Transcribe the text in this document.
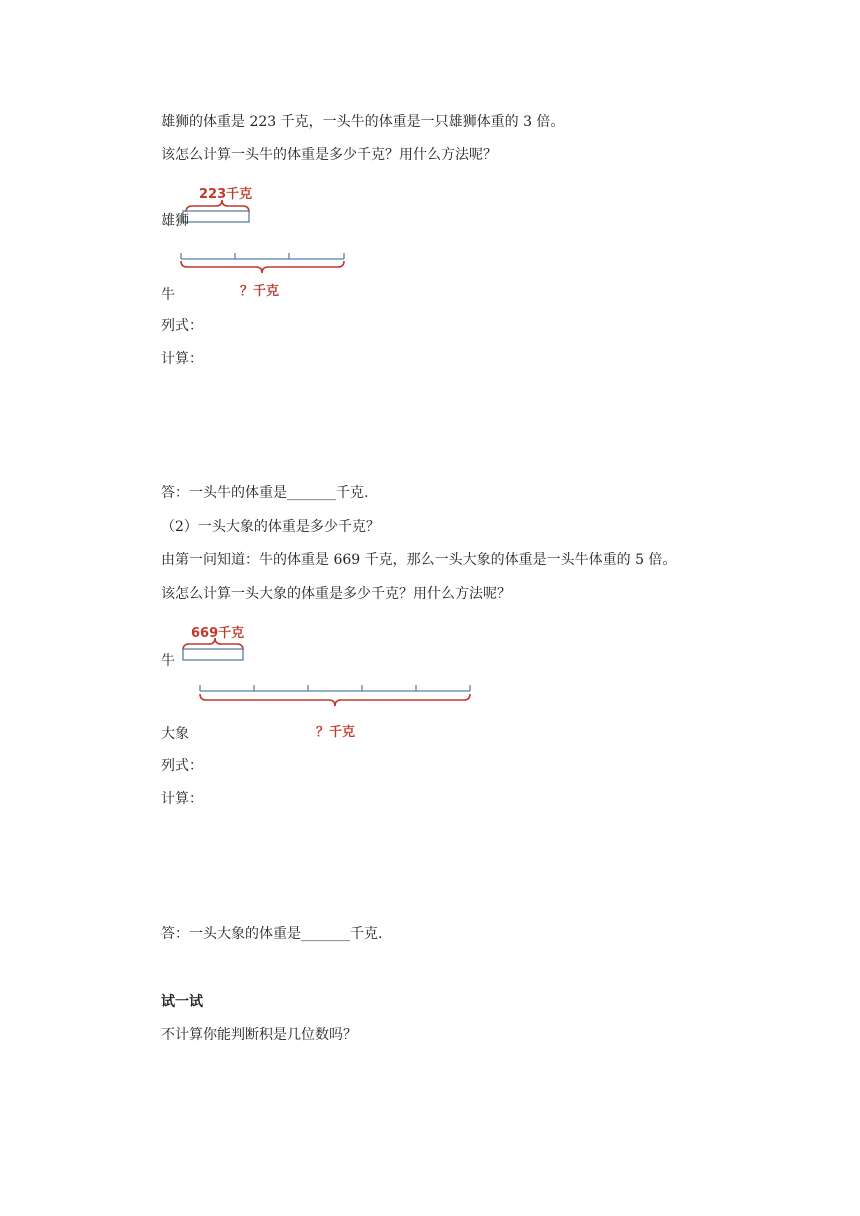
雄狮的体重是 223 千克，一头牛的体重是一只雄狮体重的 3 倍。
该怎么计算一头牛的体重是多少千克？用什么方法呢？
223千克
雄狮
？千克
牛
列式：
计算：
答：一头牛的体重是_______千克.
（2）一头大象的体重是多少千克？
由第一问知道：牛的体重是 669 千克，那么一头大象的体重是一头牛体重的 5 倍。
该怎么计算一头大象的体重是多少千克？用什么方法呢？
669千克
牛
？千克
大象
列式：
计算：
答：一头大象的体重是_______千克.
试一试
不计算你能判断积是几位数吗？
